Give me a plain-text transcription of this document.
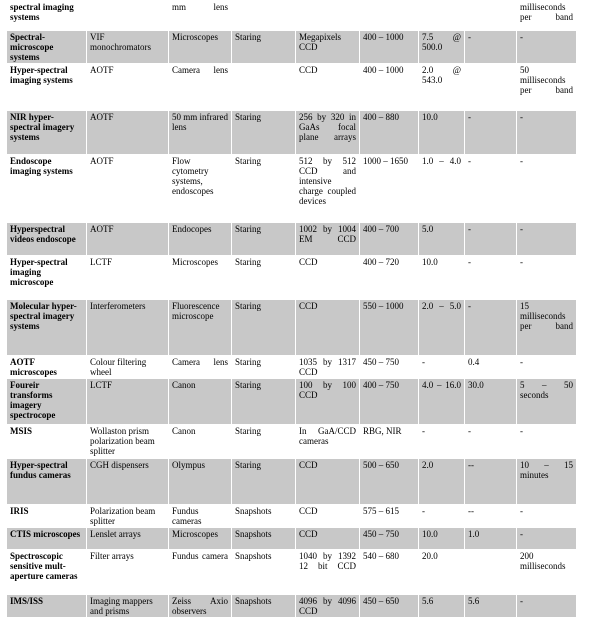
spectral imaging systems		mm lens						milliseconds per band
Spectral-microscope systems	VIF monochromators	Microscopes	Staring	Megapixels CCD	400 – 1000	7.5 @ 500.0	-	-
Hyper-spectral imaging systems	AOTF	Camera lens		CCD	400 – 1000	2.0 @ 543.0		50 milliseconds per band
NIR hyper-spectral imagery systems	AOTF	50 mm infrared lens	Staring	256 by 320 in GaAs focal plane arrays	400 – 880	10.0	-	-
Endoscope imaging systems	AOTF	Flow cytometry systems, endoscopes	Staring	512 by 512 CCD and intensive charge coupled devices	1000 – 1650	1.0 – 4.0	-	-
Hyperspectral videos endoscope	AOTF	Endocopes	Staring	1002 by 1004 EM CCD	400 – 700	5.0	-	-
Hyper-spectral imaging microscope	LCTF	Microscopes	Staring	CCD	400 – 720	10.0	-	-
Molecular hyper-spectral imagery systems	Interferometers	Fluorescence microscope	Staring	CCD	550 – 1000	2.0 – 5.0	-	15 milliseconds per band
AOTF microscopes	Colour filtering wheel	Camera lens	Staring	1035 by 1317 CCD	450 – 750	-	0.4	-
Foureir transforms imagery spectrocope	LCTF	Canon	Staring	100 by 100 CCD	400 – 750	4.0 – 16.0	30.0	5 – 50 seconds
MSIS	Wollaston prism polarization beam splitter	Canon	Staring	In GaA/CCD cameras	RBG, NIR	-	-	-
Hyper-spectral fundus cameras	CGH dispensers	Olympus	Staring	CCD	500 – 650	2.0	--	10 – 15 minutes
IRIS	Polarization beam splitter	Fundus cameras	Snapshots	CCD	575 – 615	-	--	-
CTIS microscopes	Lenslet arrays	Microscopes	Snapshots	CCD	450 – 750	10.0	1.0	-
Spectroscopic sensitive mult-aperture cameras	Filter arrays	Fundus camera	Snapshots	1040 by 1392 12 bit CCD	540 – 680	20.0		200 milliseconds
IMS/ISS	Imaging mappers and prisms	Zeiss Axio observers	Snapshots	4096 by 4096 CCD	450 – 650	5.6	5.6	-
